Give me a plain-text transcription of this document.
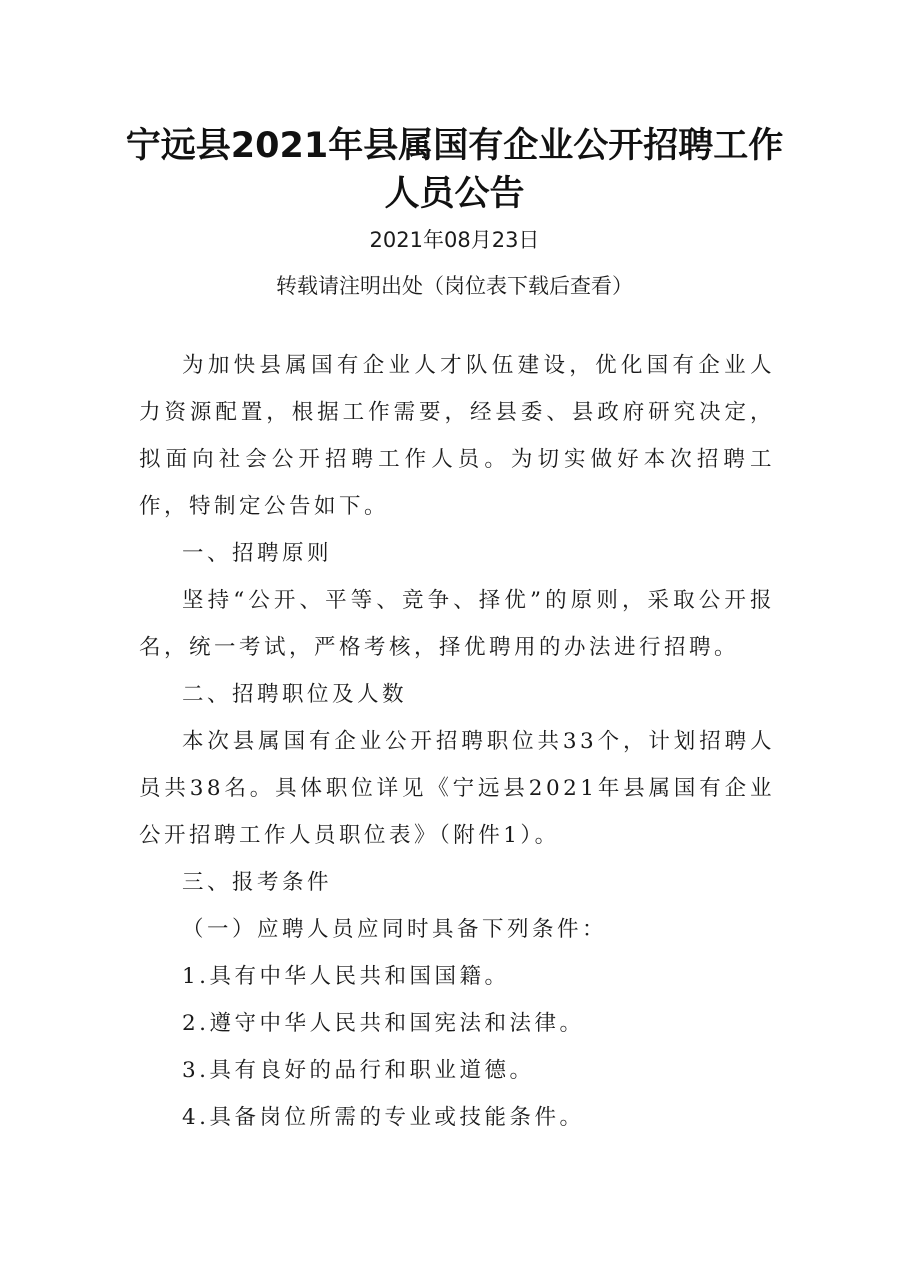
宁远县2021年县属国有企业公开招聘工作
人员公告
2021年08月23日
转载请注明出处（岗位表下载后查看）

为加快县属国有企业人才队伍建设，优化国有企业人力资源配置，根据工作需要，经县委、县政府研究决定，拟面向社会公开招聘工作人员。为切实做好本次招聘工作，特制定公告如下。

一、招聘原则

坚持“公开、平等、竞争、择优”的原则，采取公开报名，统一考试，严格考核，择优聘用的办法进行招聘。

二、招聘职位及人数

本次县属国有企业公开招聘职位共33个，计划招聘人员共38名。具体职位详见《宁远县2021年县属国有企业公开招聘工作人员职位表》（附件1）。

三、报考条件

（一）应聘人员应同时具备下列条件：

1.具有中华人民共和国国籍。

2.遵守中华人民共和国宪法和法律。

3.具有良好的品行和职业道德。

4.具备岗位所需的专业或技能条件。
